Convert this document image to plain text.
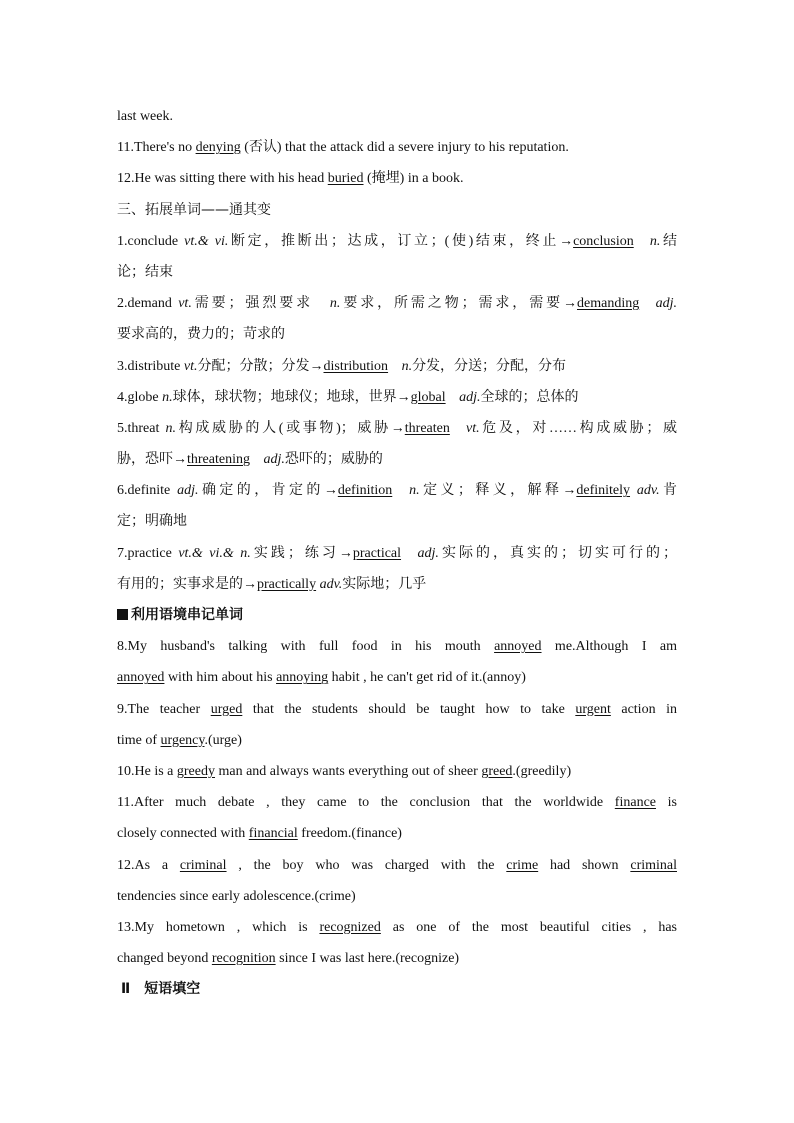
last week.
11.There's no denying (否认) that the attack did a severe injury to his reputation.
12.He was sitting there with his head buried (掩埋) in a book.
三、拓展单词——通其变
1.conclude vt.& vi.断定，推断出；达成，订立；(使)结束，终止→conclusion n.结
论；结束
2.demand vt.需要；强烈要求　n.要求，所需之物；需求，需要→demanding adj.
要求高的，费力的；苛求的
3.distribute vt.分配；分散；分发→distribution n.分发，分送；分配，分布
4.globe n.球体，球状物；地球仪；地球，世界→global adj.全球的；总体的
5.threat n.构成威胁的人(或事物)；威胁→threaten vt.危及，对……构成威胁；威
胁，恐吓→threatening adj.恐吓的；威胁的
6.definite adj.确定的，肯定的→definition n.定义；释义，解释→definitely adv.肯
定；明确地
7.practice vt.& vi.& n.实践；练习→practical adj.实际的，真实的；切实可行的；
有用的；实事求是的→practically adv.实际地；几乎
利用语境串记单词
8.My husband's talking with full food in his mouth annoyed me.Although I am
annoyed with him about his annoying habit , he can't get rid of it.(annoy)
9.The teacher urged that the students should be taught how to take urgent action in
time of urgency.(urge)
10.He is a greedy man and always wants everything out of sheer greed.(greedily)
11.After much debate , they came to the conclusion that the worldwide finance is
closely connected with financial freedom.(finance)
12.As a criminal , the boy who was charged with the crime had shown criminal
tendencies since early adolescence.(crime)
13.My hometown , which is recognized as one of the most beautiful cities , has
changed beyond recognition since I was last here.(recognize)
Ⅱ 短语填空
